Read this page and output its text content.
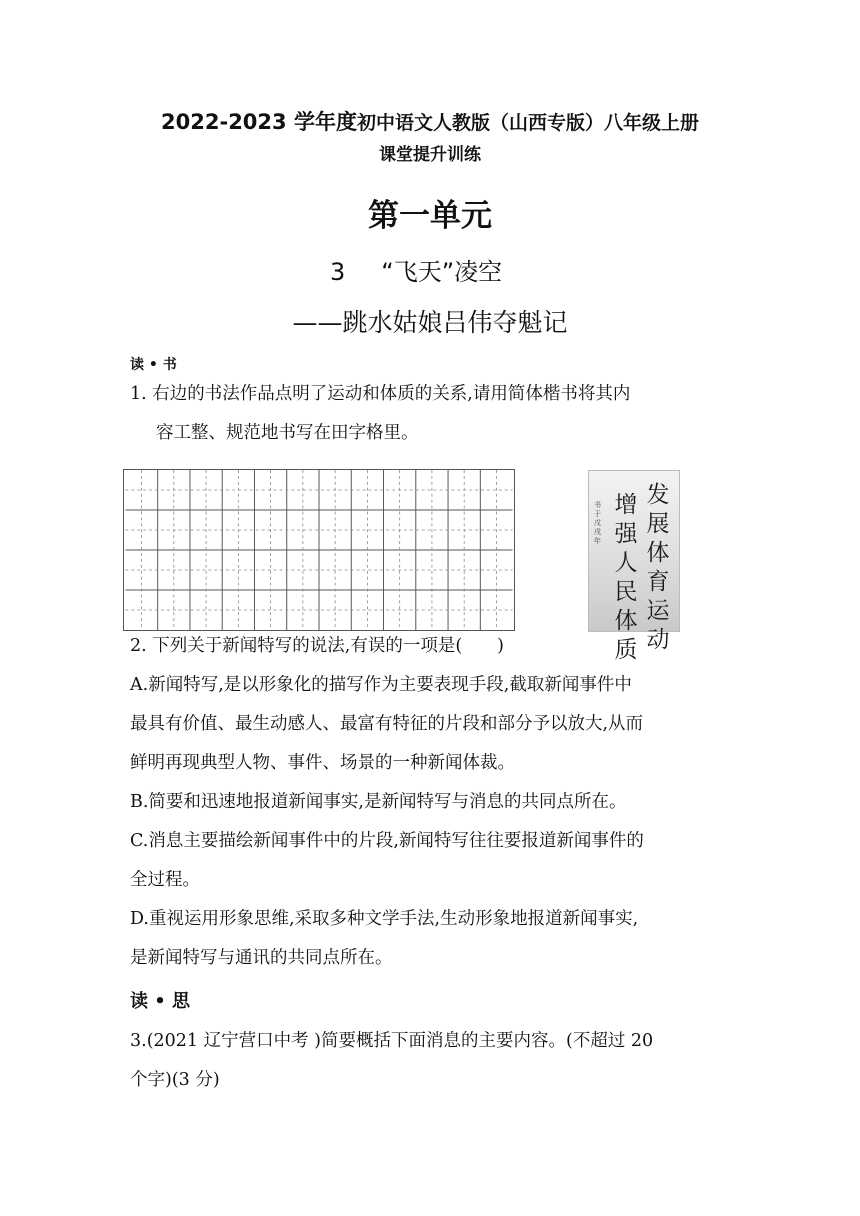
2022-2023 学年度初中语文人教版（山西专版）八年级上册
课堂提升训练
第一单元
3 “飞天”凌空
——跳水姑娘吕伟夺魁记
读 • 书
1. 右边的书法作品点明了运动和体质的关系,请用简体楷书将其内
容工整、规范地书写在田字格里。
发
展
体
育
运
动
增
强
人
民
体
质
书
于
戊
戌
年
2. 下列关于新闻特写的说法,有误的一项是(　　)
A.新闻特写,是以形象化的描写作为主要表现手段,截取新闻事件中
最具有价值、最生动感人、最富有特征的片段和部分予以放大,从而
鲜明再现典型人物、事件、场景的一种新闻体裁。
B.简要和迅速地报道新闻事实,是新闻特写与消息的共同点所在。
C.消息主要描绘新闻事件中的片段,新闻特写往往要报道新闻事件的
全过程。
D.重视运用形象思维,采取多种文学手法,生动形象地报道新闻事实,
是新闻特写与通讯的共同点所在。
读 • 思
3.(2021 辽宁营口中考 )简要概括下面消息的主要内容。(不超过 20
个字)(3 分)
